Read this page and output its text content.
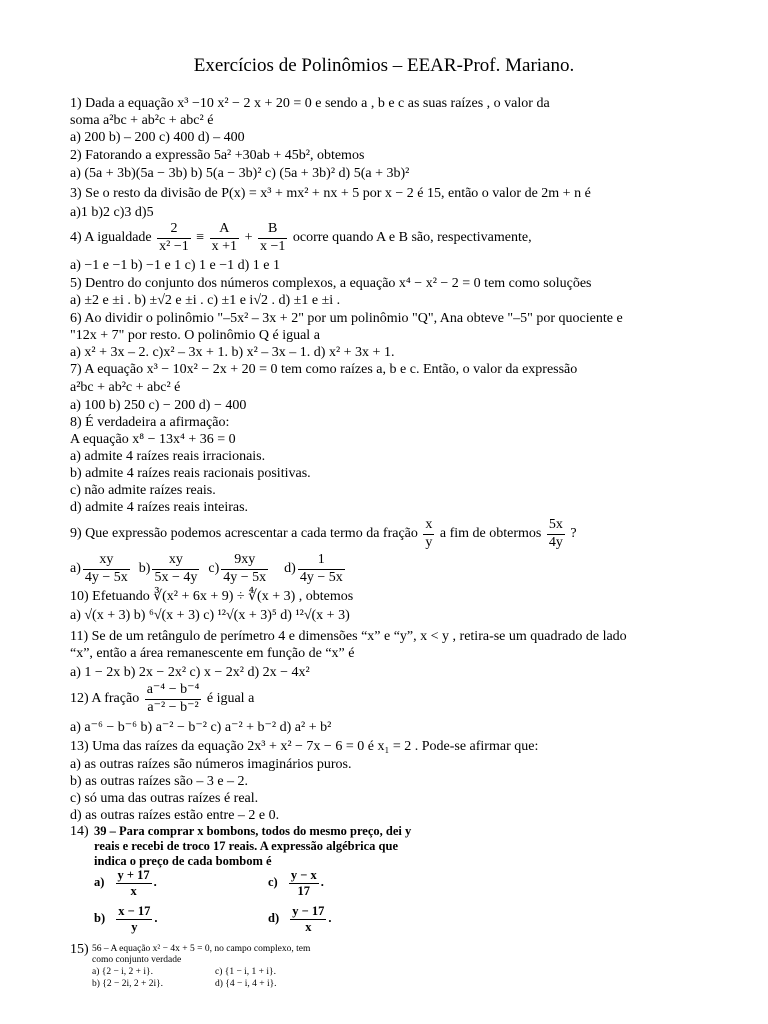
Exercícios de Polinômios – EEAR-Prof. Mariano.
1) Dada a equação x³ −10 x² − 2 x + 20 = 0 e sendo a , b e c as suas raízes , o valor da
soma a²bc + ab²c + abc² é
a) 200 b) – 200 c) 400 d) – 400
2) Fatorando a expressão 5a² +30ab + 45b², obtemos
a) (5a + 3b)(5a − 3b) b) 5(a − 3b)² c) (5a + 3b)² d) 5(a + 3b)²
3) Se o resto da divisão de P(x) = x³ + mx² + nx + 5 por x − 2 é 15, então o valor de 2m + n é
a)1 b)2 c)3 d)5
4) A igualdade $\frac{2}{\text{x² −1}} \equiv \frac{A}{x +1} + \frac{B}{x -1}$ ocorre quando A e B são, respectivamente,
a) −1 e −1 b) −1 e 1 c) 1 e −1 d) 1 e 1
5) Dentro do conjunto dos números complexos, a equação x⁴ − x² − 2 = 0 tem como soluções
a) ±2 e ±i . b) ±√2 e ±i . c) ±1 e i√2 . d) ±1 e ±i .
6) Ao dividir o polinômio "–5x² – 3x + 2" por um polinômio "Q", Ana obteve "–5" por quociente e
"12x + 7" por resto. O polinômio Q é igual a
a) x² + 3x – 2. c)x² – 3x + 1. b) x² – 3x – 1. d) x² + 3x + 1.
7) A equação x³ − 10x² − 2x + 20 = 0 tem como raízes a, b e c. Então, o valor da expressão
a²bc + ab²c + abc² é
a) 100 b) 250 c) − 200 d) − 400
8) É verdadeira a afirmação:
A equação x⁸ − 13x⁴ + 36 = 0
a) admite 4 raízes reais irracionais.
b) admite 4 raízes reais racionais positivas.
c) não admite raízes reais.
d) admite 4 raízes reais inteiras.
9) Que expressão podemos acrescentar a cada termo da fração $\frac{x}{y}$ a fim de obtermos $\frac{5x}{4y}$ ?
$a) \frac{xy}{4y - 5x} b) \frac{xy}{5x - 4y} c) \frac{9xy}{4y - 5x} d) \frac{1}{4y - 5x}$
10) Efetuando ∛(x² + 6x + 9) ÷ ∜(x + 3) , obtemos
a) √(x + 3) b) ⁶√(x + 3) c) ¹²√(x + 3)⁵ d) ¹²√(x + 3)
11) Se de um retângulo de perímetro 4 e dimensões “x” e “y”, x < y , retira-se um quadrado de lado
“x”, então a área remanescente em função de “x” é
a) 1 − 2x b) 2x − 2x² c) x − 2x² d) 2x − 4x²
12) A fração $\frac{\text{a⁻⁴ − b⁻⁴}}{\text{a⁻² − b⁻²}}$ é igual a
a) a⁻⁶ − b⁻⁶ b) a⁻² − b⁻² c) a⁻² + b⁻² d) a² + b²
13) Uma das raízes da equação 2x³ + x² − 7x − 6 = 0 é x₁ = 2 . Pode-se afirmar que:
a) as outras raízes são números imaginários puros.
b) as outras raízes são – 3 e – 2.
c) só uma das outras raízes é real.
d) as outras raízes estão entre – 2 e 0.
14) 39 – Para comprar x bombons, todos do mesmo preço, dei y
reais e recebi de troco 17 reais. A expressão algébrica que
indica o preço de cada bombom é
$a) \frac{y + 17}{x}$ .	$c) \frac{y - x}{17}$ .
$b) \frac{x - 17}{y}$ .	$d) \frac{y - 17}{x}$ .
15) 56 – A equação x² − 4x + 5 = 0, no campo complexo, tem
como conjunto verdade
a) {2 − i, 2 + i}.	c) {1 − i, 1 + i}.
b) {2 − 2i, 2 + 2i}.	d) {4 − i, 4 + i}.
